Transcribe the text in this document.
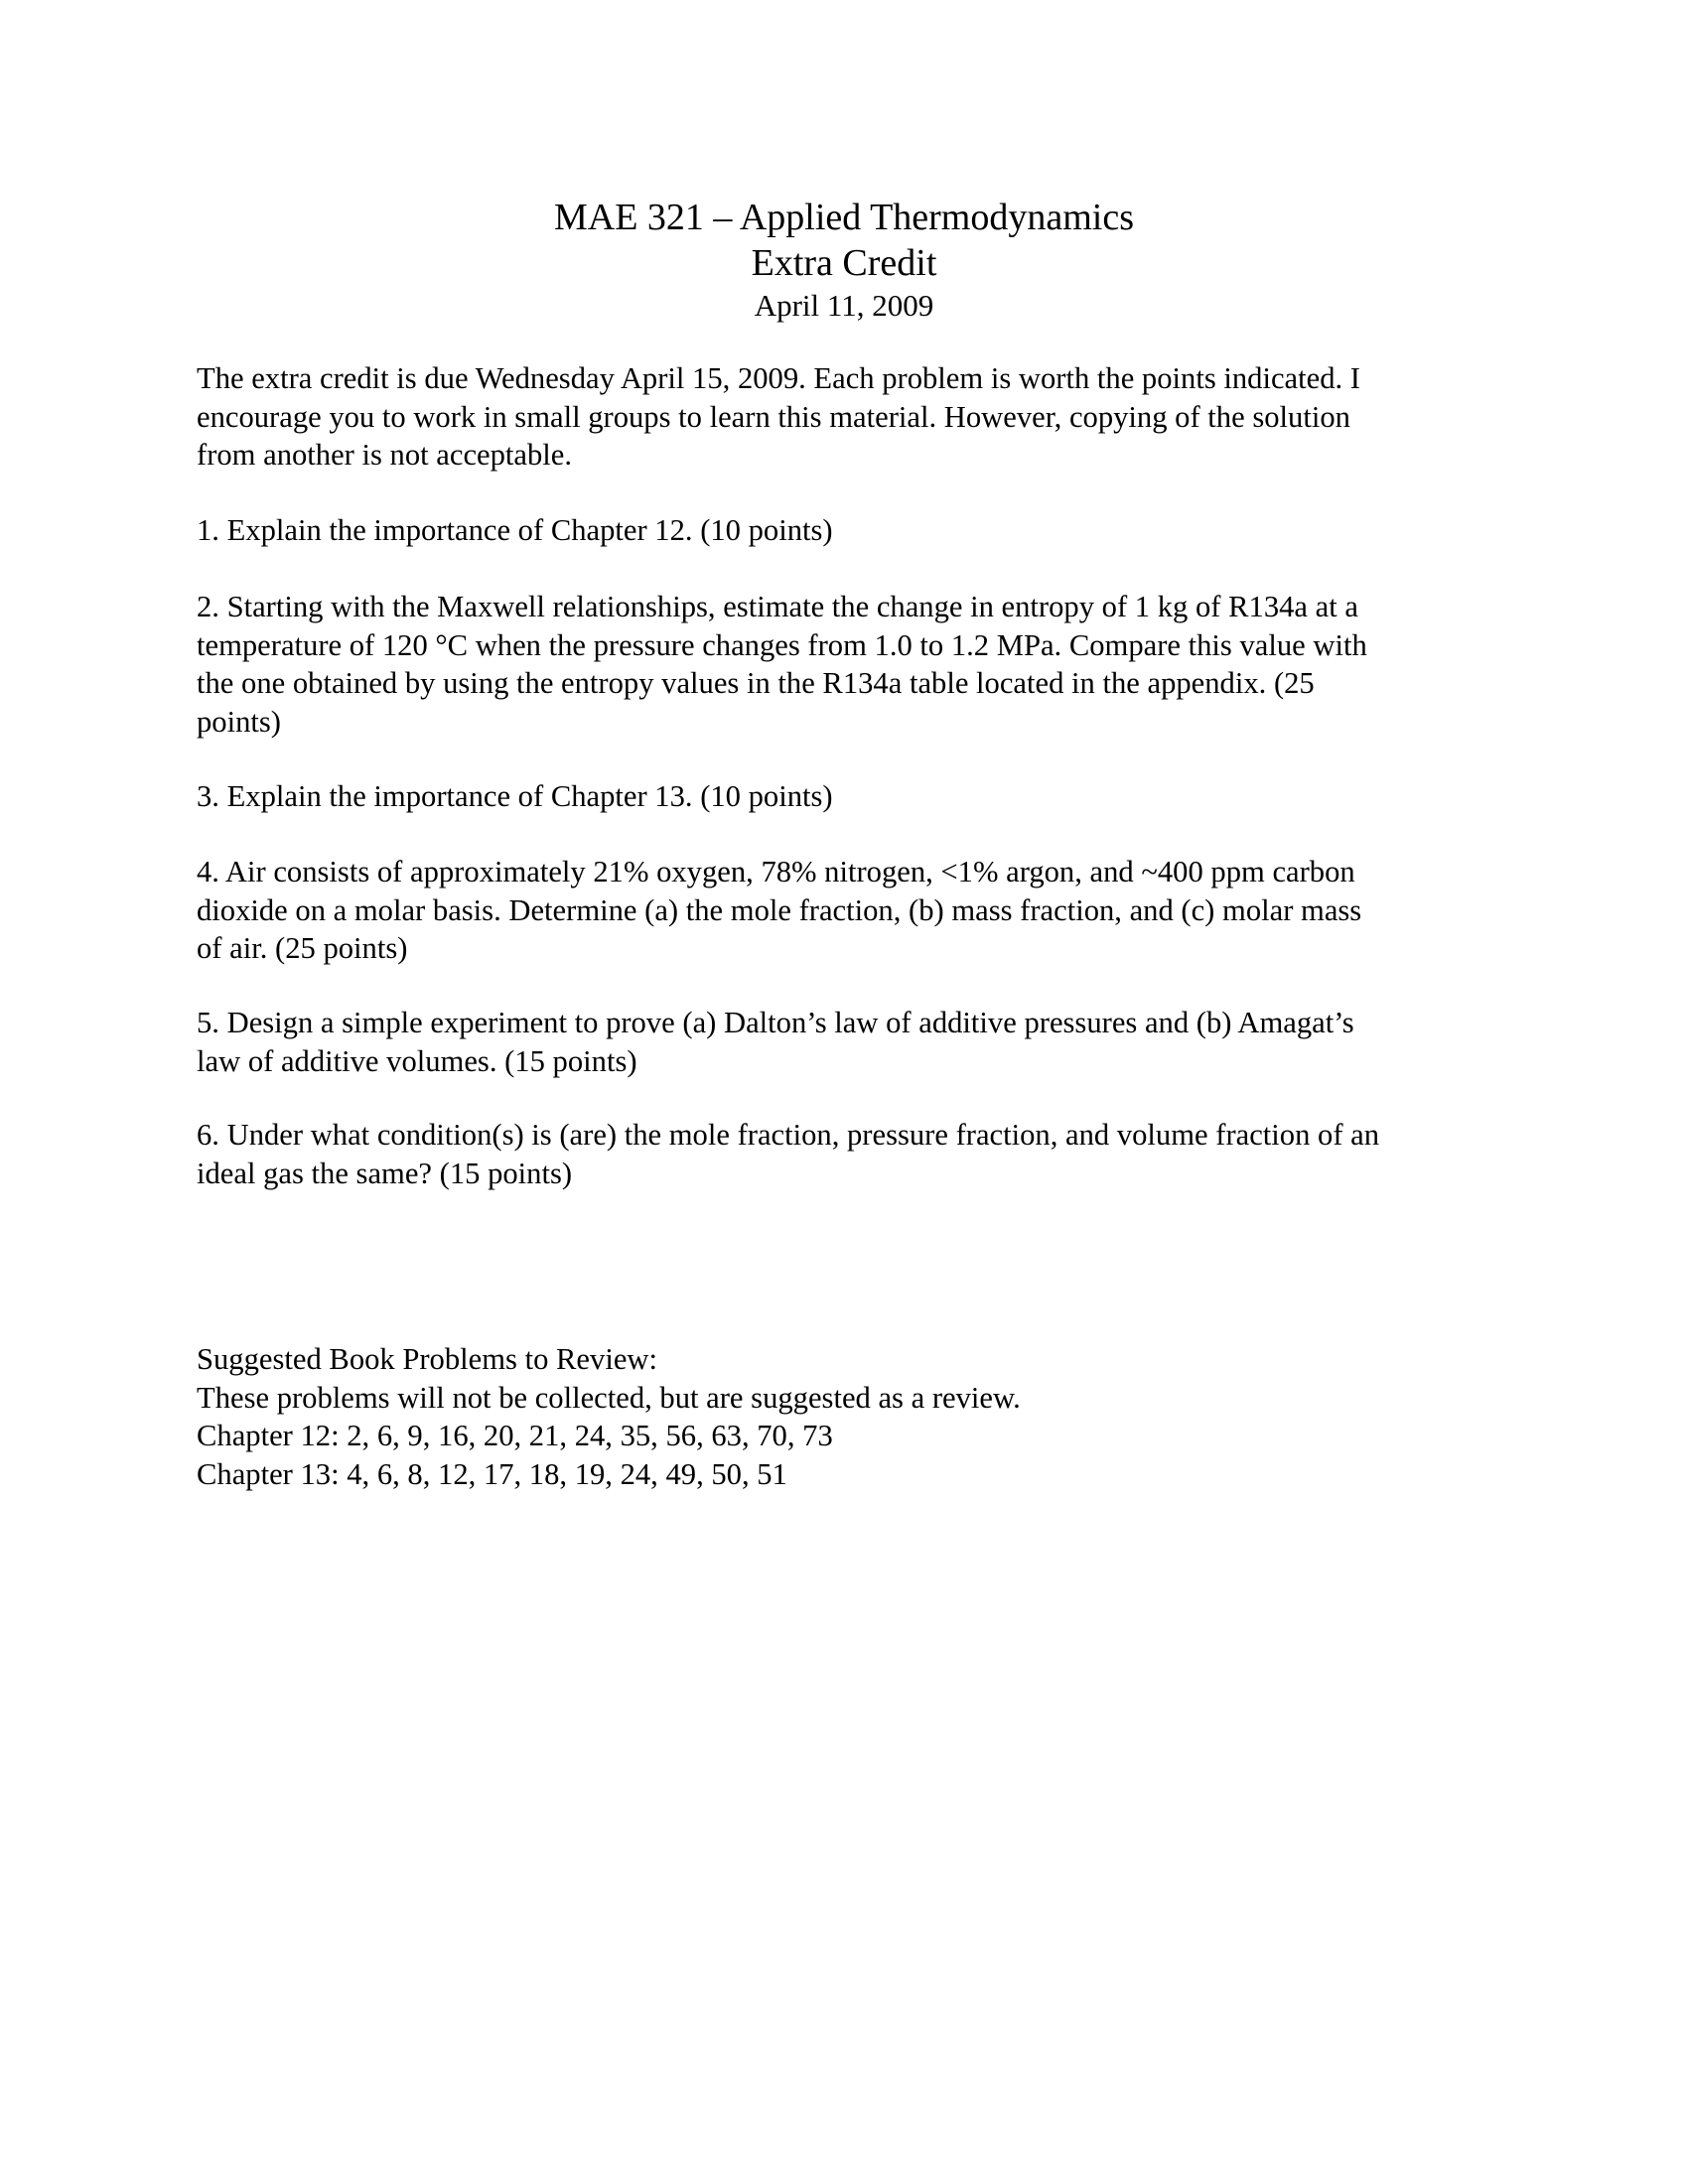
MAE 321 – Applied Thermodynamics
Extra Credit
April 11, 2009
The extra credit is due Wednesday April 15, 2009. Each problem is worth the points indicated. I
encourage you to work in small groups to learn this material. However, copying of the solution
from another is not acceptable.
1. Explain the importance of Chapter 12. (10 points)
2. Starting with the Maxwell relationships, estimate the change in entropy of 1 kg of R134a at a
temperature of 120 °C when the pressure changes from 1.0 to 1.2 MPa. Compare this value with
the one obtained by using the entropy values in the R134a table located in the appendix. (25
points)
3. Explain the importance of Chapter 13. (10 points)
4. Air consists of approximately 21% oxygen, 78% nitrogen, <1% argon, and ~400 ppm carbon
dioxide on a molar basis. Determine (a) the mole fraction, (b) mass fraction, and (c) molar mass
of air. (25 points)
5. Design a simple experiment to prove (a) Dalton’s law of additive pressures and (b) Amagat’s
law of additive volumes. (15 points)
6. Under what condition(s) is (are) the mole fraction, pressure fraction, and volume fraction of an
ideal gas the same? (15 points)
Suggested Book Problems to Review:
These problems will not be collected, but are suggested as a review.
Chapter 12: 2, 6, 9, 16, 20, 21, 24, 35, 56, 63, 70, 73
Chapter 13: 4, 6, 8, 12, 17, 18, 19, 24, 49, 50, 51
